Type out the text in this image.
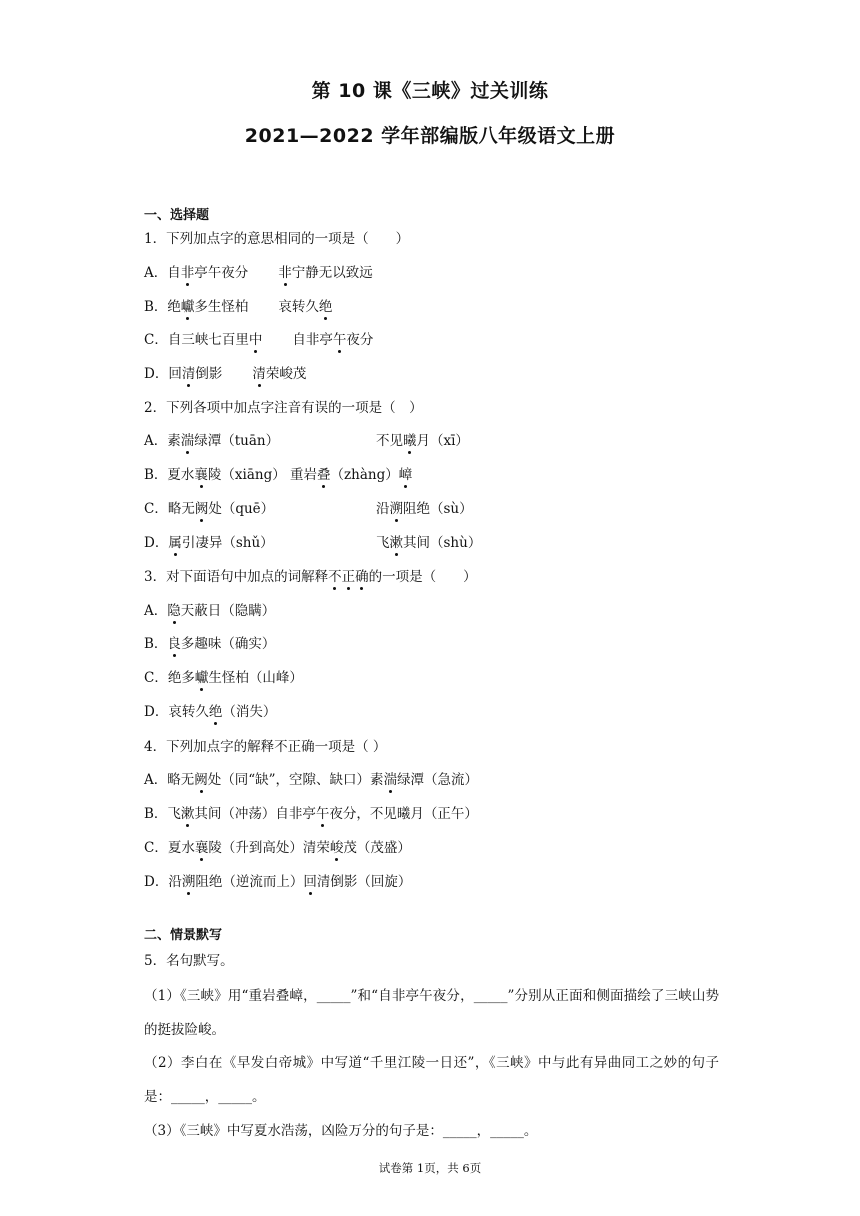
第 10 课《三峡》过关训练
2021—2022 学年部编版八年级语文上册
一、选择题
1．下列加点字的意思相同的一项是（　　）
A．自非亭午夜分 非宁静无以致远
B．绝巘多生怪柏 哀转久绝
C．自三峡七百里中 自非亭午夜分
D．回清倒影 清荣峻茂
2．下列各项中加点字注音有误的一项是（　）
A．素湍绿潭（tuān）	不见曦月（xī）
B．夏水襄陵（xiāng） 重岩叠（zhàng）嶂
C．略无阙处（quē）	沿溯阻绝（sù）
D．属引凄异（shǔ）	飞漱其间（shù）
3．对下面语句中加点的词解释不正确的一项是（　　）
A．隐天蔽日（隐瞒）
B．良多趣味（确实）
C．绝多巘生怪柏（山峰）
D．哀转久绝（消失）
4．下列加点字的解释不正确一项是（ ）
A．略无阙处（同“缺”，空隙、缺口）素湍绿潭（急流）
B．飞漱其间（冲荡）自非亭午夜分，不见曦月（正午）
C．夏水襄陵（升到高处）清荣峻茂（茂盛）
D．沿溯阻绝（逆流而上）回清倒影（回旋）
二、情景默写
5．名句默写。
（1）《三峡》用“重岩叠嶂，_____”和“自非亭午夜分，_____”分别从正面和侧面描绘了三峡山势的挺拔险峻。
（2）李白在《早发白帝城》中写道“千里江陵一日还”，《三峡》中与此有异曲同工之妙的句子是：_____，_____。
（3）《三峡》中写夏水浩荡，凶险万分的句子是：_____，_____。
试卷第 1页，共 6页
